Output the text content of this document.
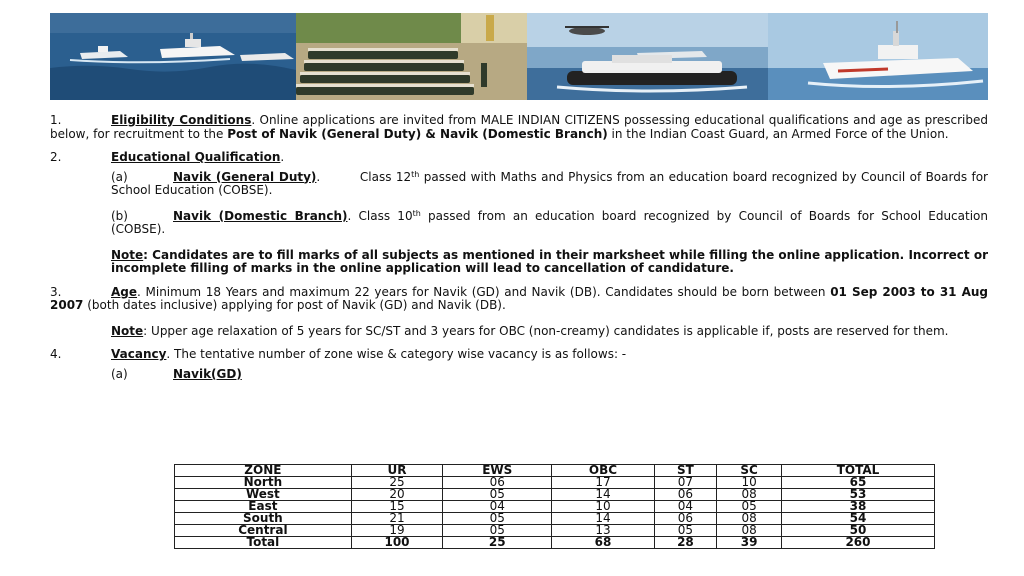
1.	Eligibility Conditions. Online applications are invited from MALE INDIAN CITIZENS possessing educational qualifications and age as prescribed below, for recruitment to the Post of Navik (General Duty) & Navik (Domestic Branch) in the Indian Coast Guard, an Armed Force of the Union.

2.	Educational Qualification.

(a)	Navik (General Duty).	Class 12th passed with Maths and Physics from an education board recognized by Council of Boards for School Education (COBSE).
(b)	Navik (Domestic Branch). Class 10th passed from an education board recognized by Council of Boards for School Education (COBSE).

Note: Candidates are to fill marks of all subjects as mentioned in their marksheet while filling the online application. Incorrect or incomplete filling of marks in the online application will lead to cancellation of candidature.

3.	Age. Minimum 18 Years and maximum 22 years for Navik (GD) and Navik (DB). Candidates should be born between 01 Sep 2003 to 31 Aug 2007 (both dates inclusive) applying for post of Navik (GD) and Navik (DB).

Note: Upper age relaxation of 5 years for SC/ST and 3 years for OBC (non-creamy) candidates is applicable if, posts are reserved for them.

4.	Vacancy. The tentative number of zone wise & category wise vacancy is as follows: -

(a)	Navik(GD)
ZONE	UR	EWS	OBC	ST	SC	TOTAL
North	25	06	17	07	10	65
West	20	05	14	06	08	53
East	15	04	10	04	05	38
South	21	05	14	06	08	54
Central	19	05	13	05	08	50
Total	100	25	68	28	39	260
